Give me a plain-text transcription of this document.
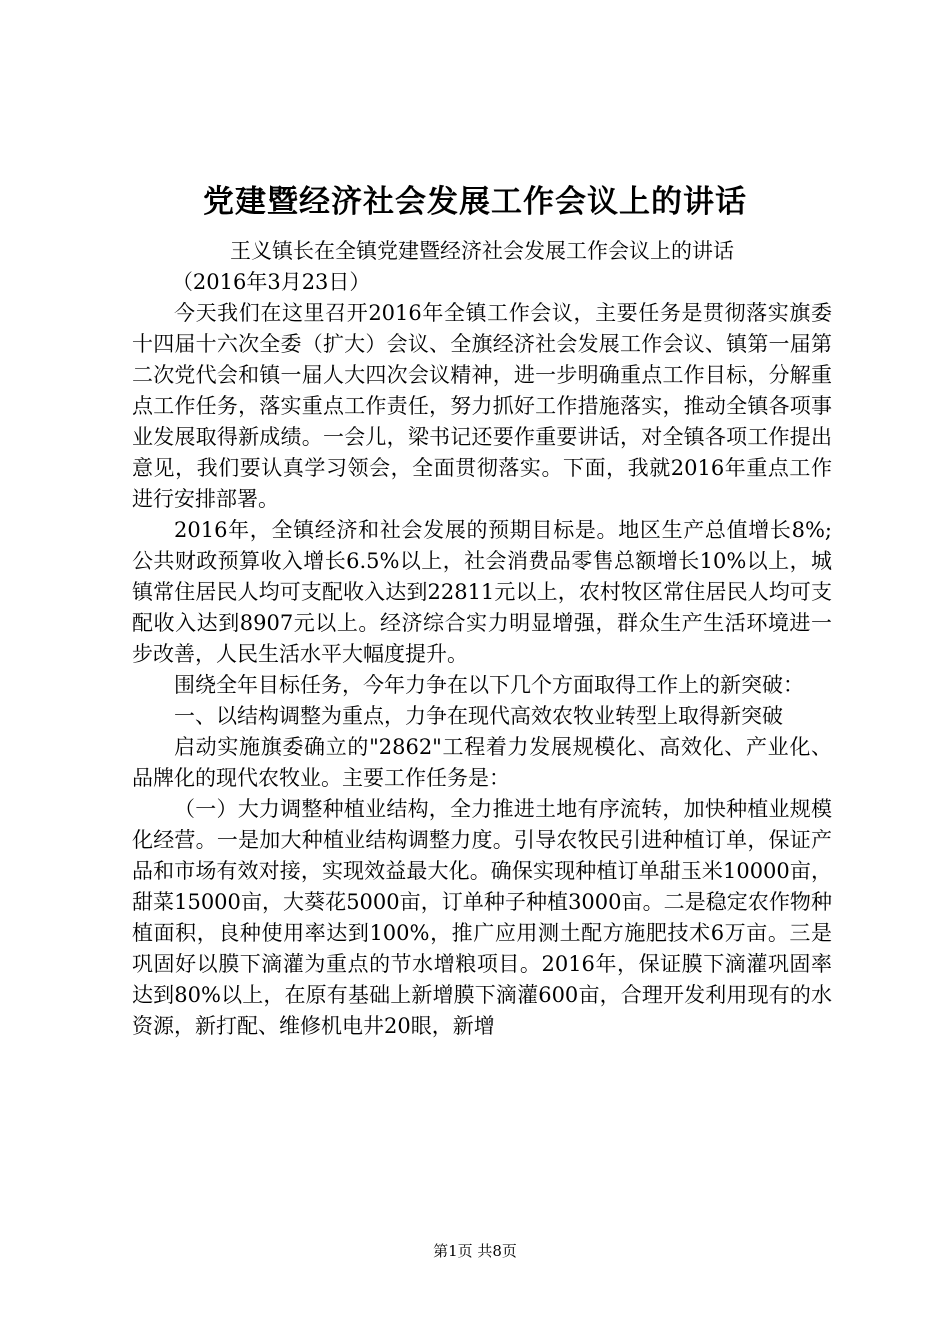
党建暨经济社会发展工作会议上的讲话

王义镇长在全镇党建暨经济社会发展工作会议上的讲话

（2016年3月23日）

今天我们在这里召开2016年全镇工作会议，主要任务是贯彻落实旗委十四届十六次全委（扩大）会议、全旗经济社会发展工作会议、镇第一届第二次党代会和镇一届人大四次会议精神，进一步明确重点工作目标，分解重点工作任务，落实重点工作责任，努力抓好工作措施落实，推动全镇各项事业发展取得新成绩。一会儿，梁书记还要作重要讲话，对全镇各项工作提出意见，我们要认真学习领会，全面贯彻落实。下面，我就2016年重点工作进行安排部署。

2016年，全镇经济和社会发展的预期目标是。地区生产总值增长8%;公共财政预算收入增长6.5%以上，社会消费品零售总额增长10%以上，城镇常住居民人均可支配收入达到22811元以上，农村牧区常住居民人均可支配收入达到8907元以上。经济综合实力明显增强，群众生产生活环境进一步改善，人民生活水平大幅度提升。

围绕全年目标任务，今年力争在以下几个方面取得工作上的新突破：

一、以结构调整为重点，力争在现代高效农牧业转型上取得新突破

启动实施旗委确立的"2862"工程着力发展规模化、高效化、产业化、品牌化的现代农牧业。主要工作任务是：

（一）大力调整种植业结构，全力推进土地有序流转，加快种植业规模化经营。一是加大种植业结构调整力度。引导农牧民引进种植订单，保证产品和市场有效对接，实现效益最大化。确保实现种植订单甜玉米10000亩，甜菜15000亩，大葵花5000亩，订单种子种植3000亩。二是稳定农作物种植面积，良种使用率达到100%，推广应用测土配方施肥技术6万亩。三是巩固好以膜下滴灌为重点的节水增粮项目。2016年，保证膜下滴灌巩固率达到80%以上，在原有基础上新增膜下滴灌600亩，合理开发利用现有的水资源，新打配、维修机电井20眼，新增

第1页 共8页
